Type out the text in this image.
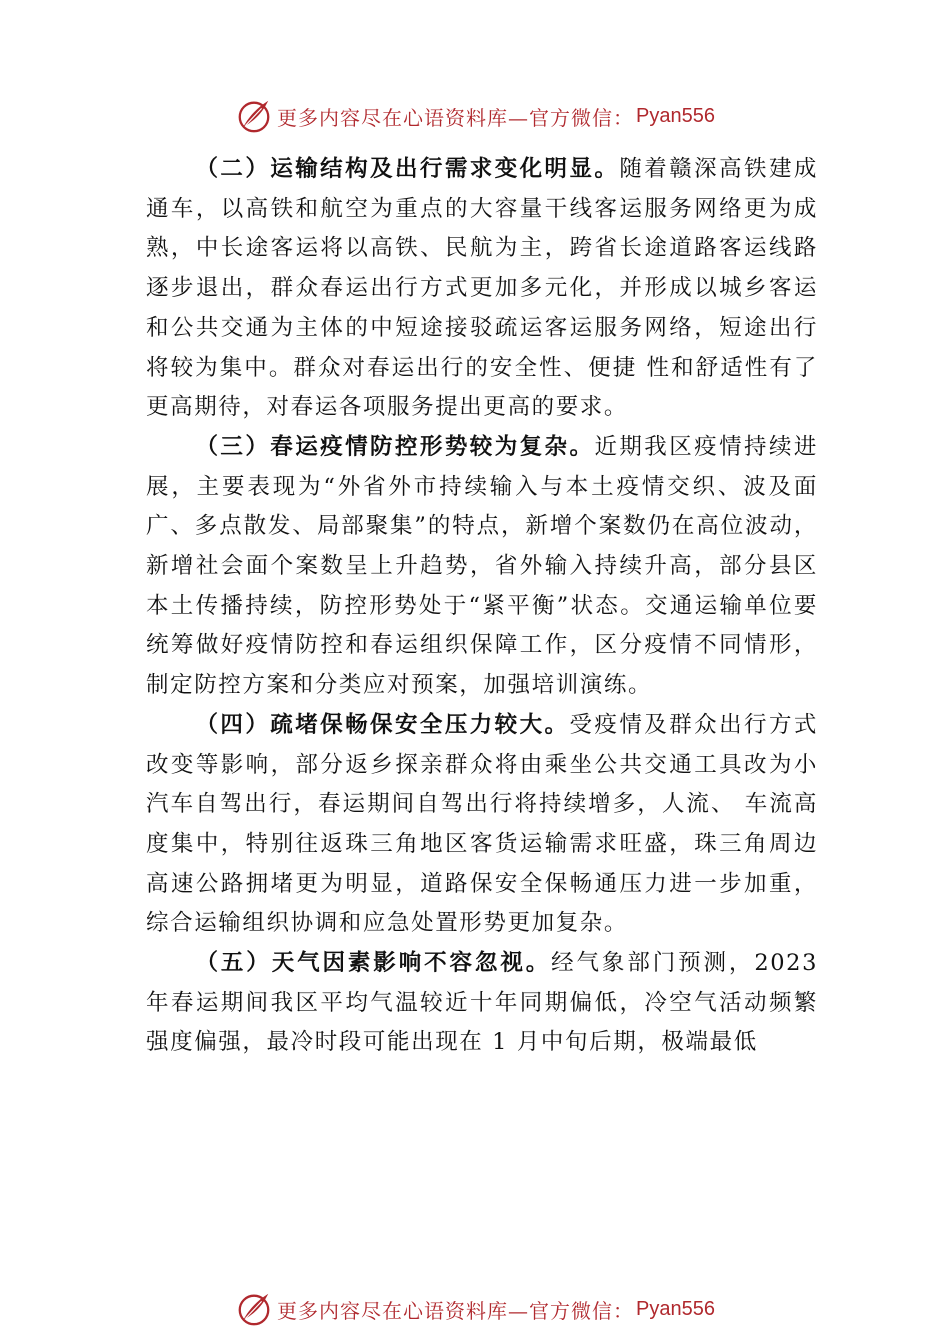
更多内容尽在心语资料库—官方微信： Pyan556

（二）运输结构及出行需求变化明显。随着赣深高铁建成通车，以高铁和航空为重点的大容量干线客运服务网络更为成熟，中长途客运将以高铁、民航为主，跨省长途道路客运线路逐步退出，群众春运出行方式更加多元化，并形成以城乡客运和公共交通为主体的中短途接驳疏运客运服务网络，短途出行将较为集中。群众对春运出行的安全性、便捷 性和舒适性有了更高期待，对春运各项服务提出更高的要求。

（三）春运疫情防控形势较为复杂。近期我区疫情持续进展，主要表现为“外省外市持续输入与本土疫情交织、波及面广、多点散发、局部聚集”的特点，新增个案数仍在高位波动，新增社会面个案数呈上升趋势，省外输入持续升高，部分县区本土传播持续，防控形势处于“紧平衡”状态。交通运输单位要统筹做好疫情防控和春运组织保障工作，区分疫情不同情形，制定防控方案和分类应对预案，加强培训演练。

（四）疏堵保畅保安全压力较大。受疫情及群众出行方式改变等影响，部分返乡探亲群众将由乘坐公共交通工具改为小汽车自驾出行，春运期间自驾出行将持续增多，人流、 车流高度集中，特别往返珠三角地区客货运输需求旺盛，珠三角周边高速公路拥堵更为明显，道路保安全保畅通压力进一步加重，综合运输组织协调和应急处置形势更加复杂。

（五）天气因素影响不容忽视。经气象部门预测，2023 年春运期间我区平均气温较近十年同期偏低，冷空气活动频繁强度偏强，最冷时段可能出现在 1 月中旬后期，极端最低

更多内容尽在心语资料库—官方微信： Pyan556
